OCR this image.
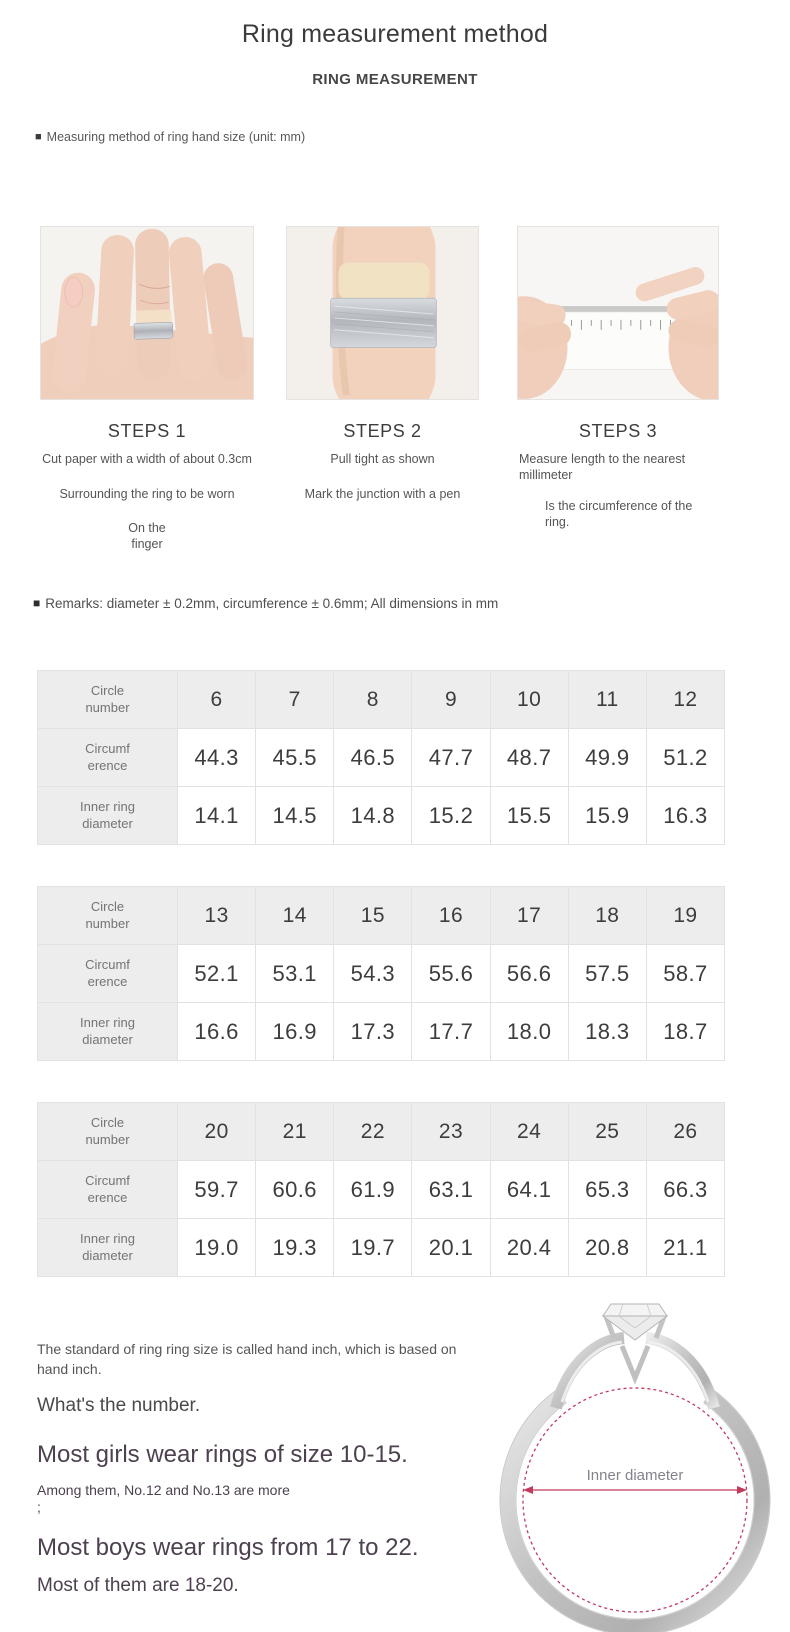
Ring measurement method
RING MEASUREMENT
■ Measuring method of ring hand size (unit: mm)
STEPS 1

Cut paper with a width of about 0.3cm

Surrounding the ring to be worn

On the

finger

STEPS 2

Pull tight as shown

Mark the junction with a pen

STEPS 3

Measure length to the nearest millimeter

Is the circumference of the ring.

■ Remarks: diameter ± 0.2mm, circumference ± 0.6mm; All dimensions in mm
Circle
number	6	7	8	9	10	11	12
Circumf
erence	44.3	45.5	46.5	47.7	48.7	49.9	51.2
Inner ring
diameter	14.1	14.5	14.8	15.2	15.5	15.9	16.3
Circle
number	13	14	15	16	17	18	19
Circumf
erence	52.1	53.1	54.3	55.6	56.6	57.5	58.7
Inner ring
diameter	16.6	16.9	17.3	17.7	18.0	18.3	18.7
Circle
number	20	21	22	23	24	25	26
Circumf
erence	59.7	60.6	61.9	63.1	64.1	65.3	66.3
Inner ring
diameter	19.0	19.3	19.7	20.1	20.4	20.8	21.1

The standard of ring ring size is called hand inch, which is based on hand inch.

What's the number.

Most girls wear rings of size 10-15.

Among them, No.12 and No.13 are more

;

Most boys wear rings from 17 to 22.

Most of them are 18-20.

Inner diameter
